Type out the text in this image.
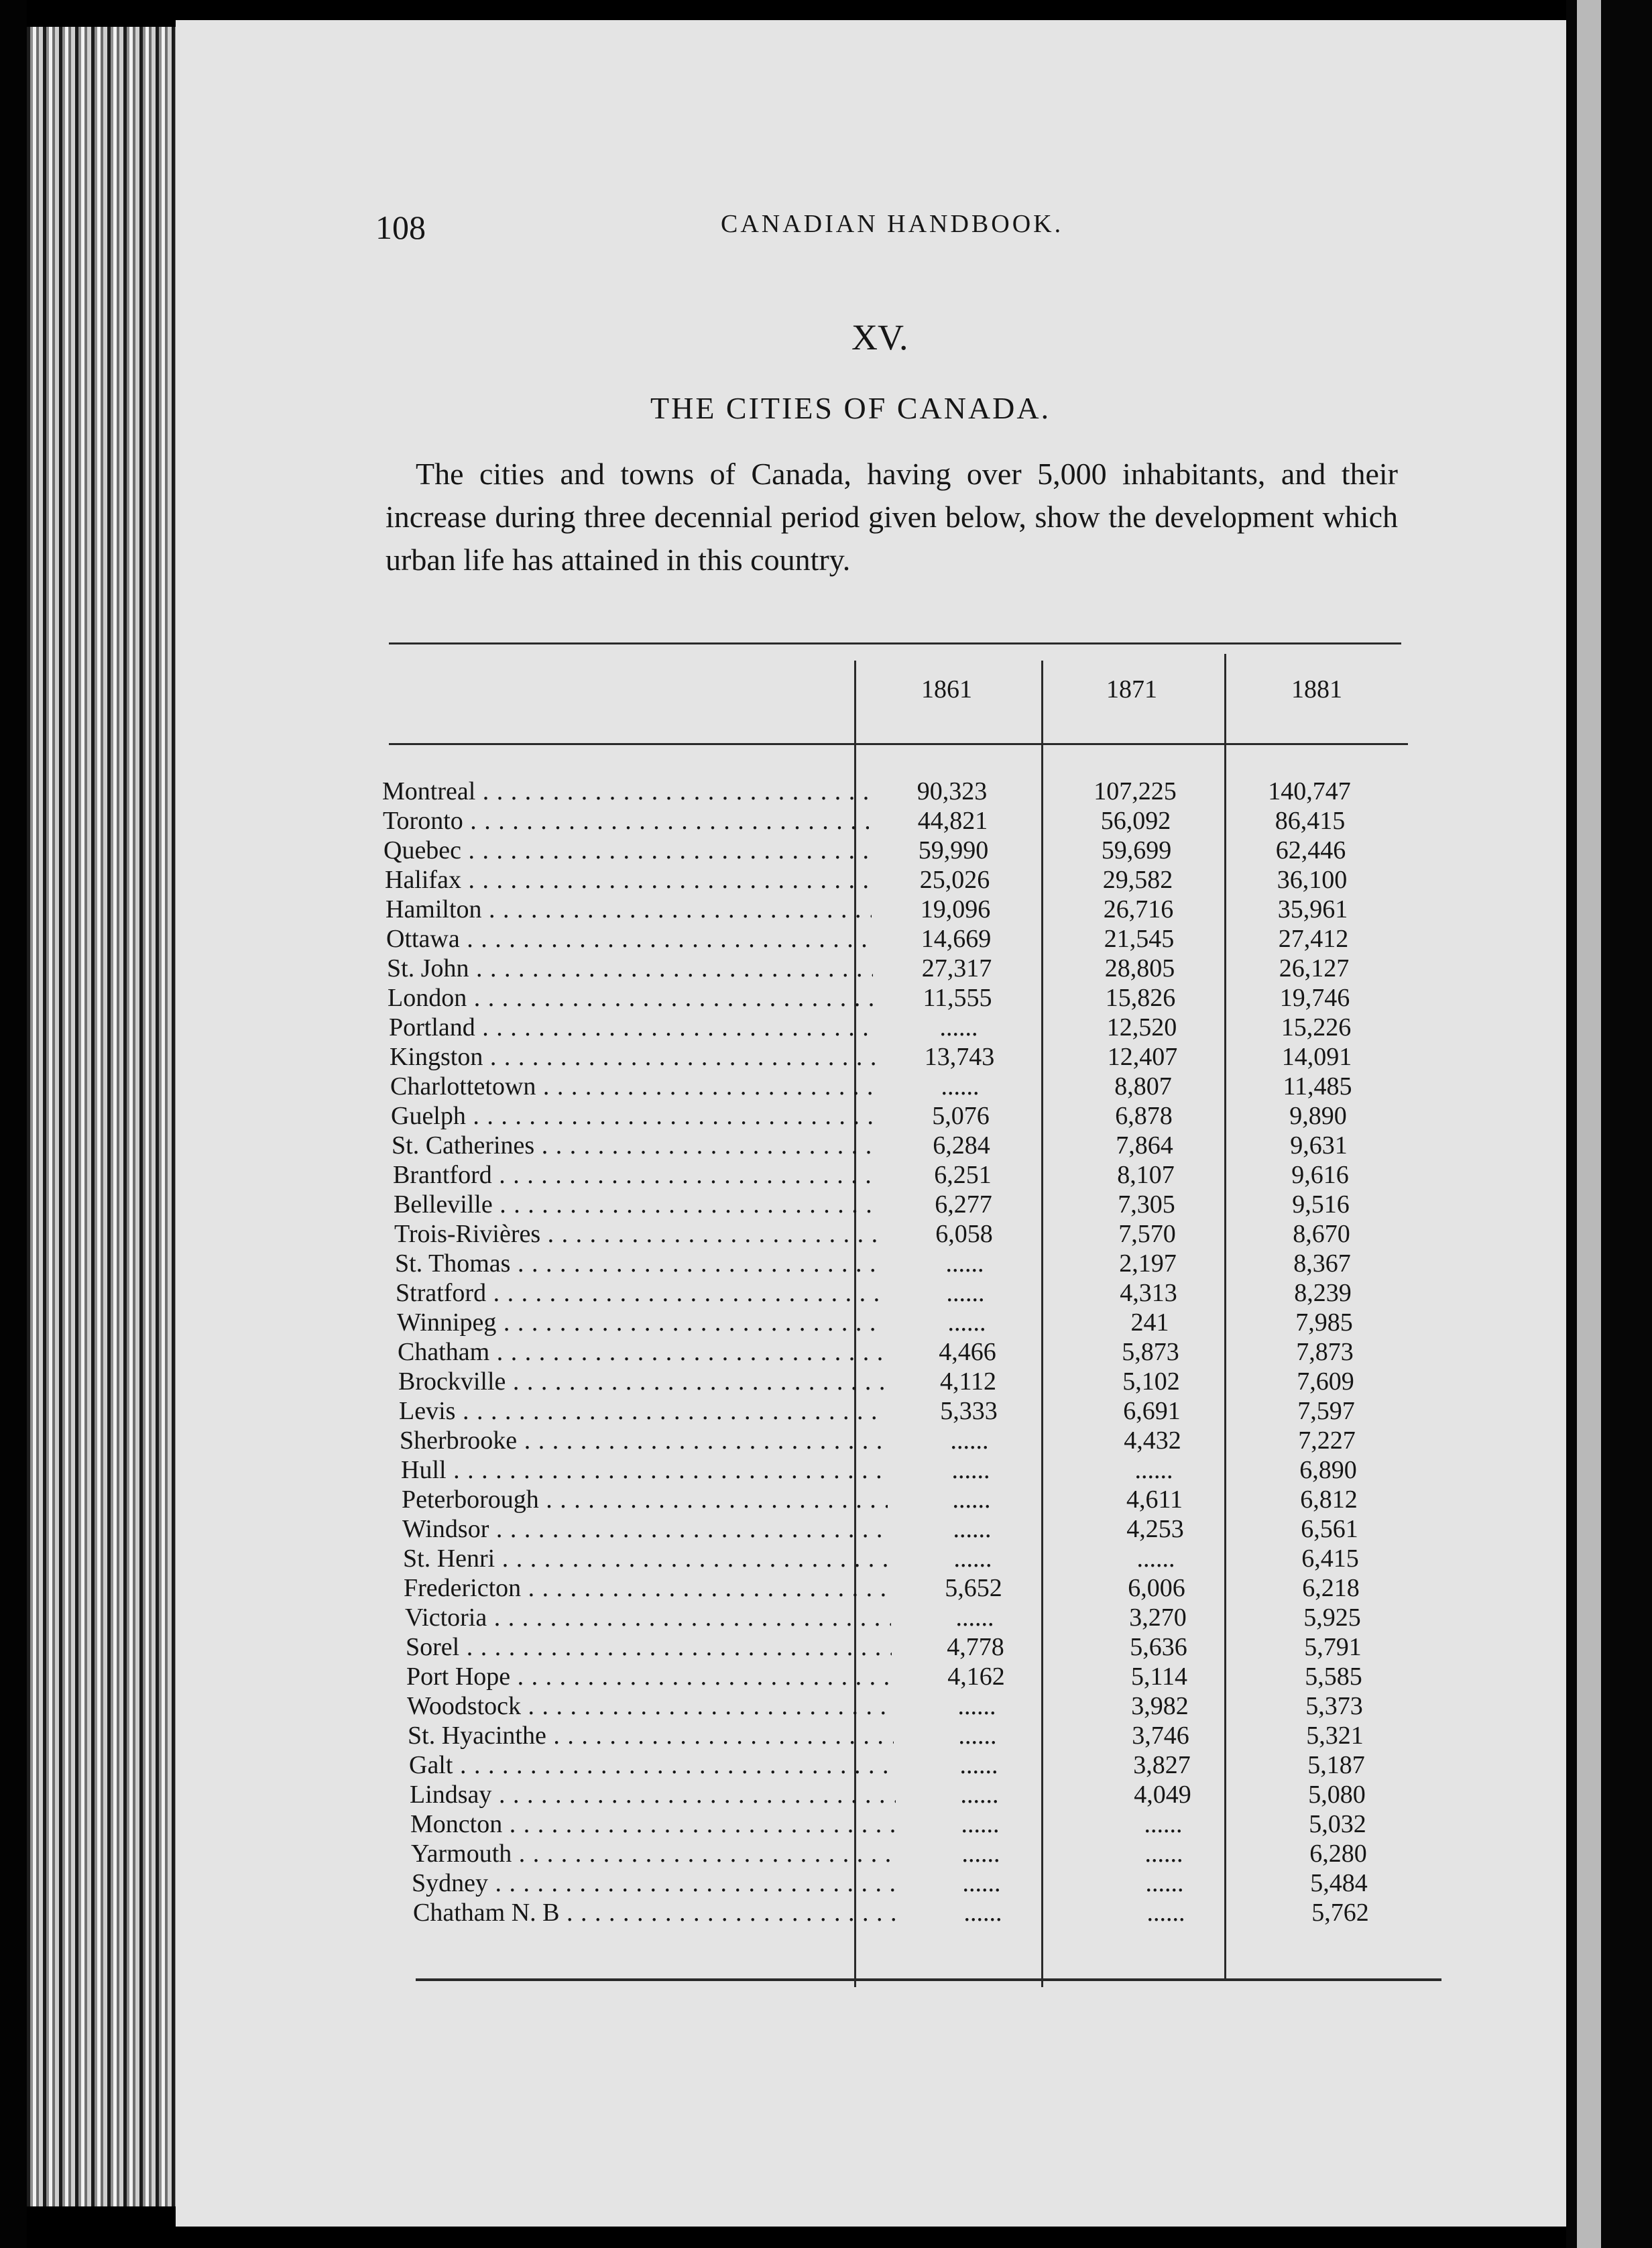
108	CANADIAN HANDBOOK.
XV.
THE CITIES OF CANADA.

The cities and towns of Canada, having over 5,000 inhabitants, and their increase during three decennial period given below, show the development which urban life has attained in this country.

1861	1871	1881
Montreal . . .	90,323	107,225	140,747
Toronto . . .	44,821	56,092	86,415
Quebec . . .	59,990	59,699	62,446
Halifax . . .	25,026	29,582	36,100
Hamilton . . .	19,096	26,716	35,961
Ottawa . . .	14,669	21,545	27,412
St. John . . .	27,317	28,805	26,127
London . . .	11,555	15,826	19,746
Portland . . .	......	12,520	15,226
Kingston . . .	13,743	12,407	14,091
Charlottetown . . .	......	8,807	11,485
Guelph . . .	5,076	6,878	9,890
St. Catherines . . .	6,284	7,864	9,631
Brantford . . .	6,251	8,107	9,616
Belleville . . .	6,277	7,305	9,516
Trois-Rivières . . .	6,058	7,570	8,670
St. Thomas . . .	......	2,197	8,367
Stratford . . .	......	4,313	8,239
Winnipeg . . .	......	241	7,985
Chatham . . .	4,466	5,873	7,873
Brockville . . .	4,112	5,102	7,609
Levis . . .	5,333	6,691	7,597
Sherbrooke . . .	......	4,432	7,227
Hull . . .	......	......	6,890
Peterborough . . .	......	4,611	6,812
Windsor . . .	......	4,253	6,561
St. Henri . . .	......	......	6,415
Fredericton . . .	5,652	6,006	6,218
Victoria . . .	......	3,270	5,925
Sorel . . .	4,778	5,636	5,791
Port Hope . . .	4,162	5,114	5,585
Woodstock . . .	......	3,982	5,373
St. Hyacinthe . . .	......	3,746	5,321
Galt . . .	......	3,827	5,187
Lindsay . . .	......	4,049	5,080
Moncton . . .	......	......	5,032
Yarmouth . . .	......	......	6,280
Sydney . . .	......	......	5,484
Chatham N. B . . .	......	......	5,762
